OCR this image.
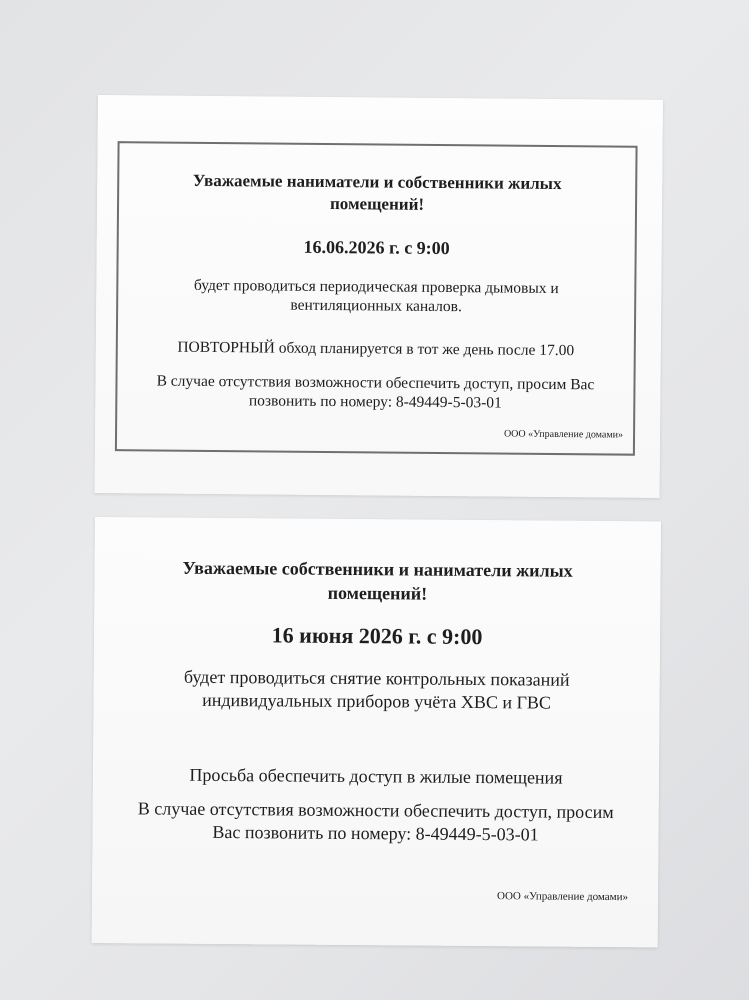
Уважаемые наниматели и собственники жилых помещений!

16.06.2026 г. с 9:00

будет проводиться периодическая проверка дымовых и вентиляционных каналов.

ПОВТОРНЫЙ обход планируется в тот же день после 17.00

В случае отсутствия возможности обеспечить доступ, просим Вас позвонить по номеру: 8-49449-5-03-01

ООО «Управление домами»

Уважаемые собственники и наниматели жилых помещений!

16 июня 2026 г. с 9:00

будет проводиться снятие контрольных показаний индивидуальных приборов учёта ХВС и ГВС

Просьба обеспечить доступ в жилые помещения

В случае отсутствия возможности обеспечить доступ, просим Вас позвонить по номеру: 8-49449-5-03-01

ООО «Управление домами»
